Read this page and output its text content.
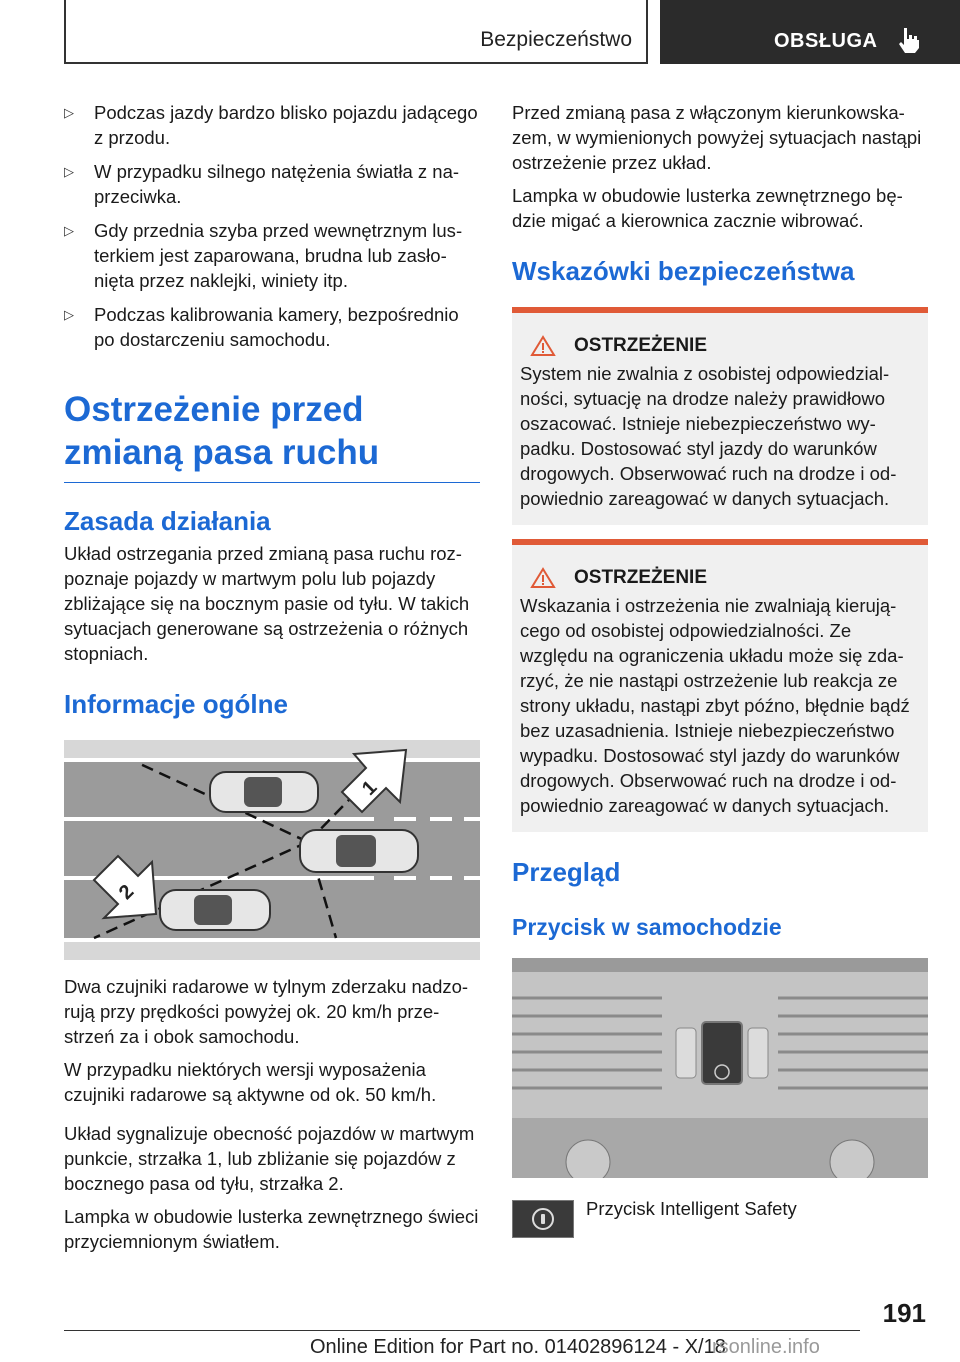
Bezpieczeństwo	OBSŁUGA
▷ Podczas jazdy bardzo blisko pojazdu jadącego z przodu.
▷ W przypadku silnego natężenia światła z naprzeciwka.
▷ Gdy przednia szyba przed wewnętrznym lusterkiem jest zaparowana, brudna lub zasłonięta przez naklejki, winiety itp.
▷ Podczas kalibrowania kamery, bezpośrednio po dostarczeniu samochodu.
Ostrzeżenie przed zmianą pasa ruchu
Zasada działania

Układ ostrzegania przed zmianą pasa ruchu rozpoznaje pojazdy w martwym polu lub pojazdy zbliżające się na bocznym pasie od tyłu. W takich sytuacjach generowane są ostrzeżenia o różnych stopniach.

Informacje ogólne
1
2

Dwa czujniki radarowe w tylnym zderzaku nadzorują przy prędkości powyżej ok. 20 km/h przestrzeń za i obok samochodu.

W przypadku niektórych wersji wyposażenia czujniki radarowe są aktywne od ok. 50 km/h.

Układ sygnalizuje obecność pojazdów w martwym punkcie, strzałka 1, lub zbliżanie się pojazdów z bocznego pasa od tyłu, strzałka 2.

Lampka w obudowie lusterka zewnętrznego świeci przyciemnionym światłem.

Przed zmianą pasa z włączonym kierunkowskazem, w wymienionych powyżej sytuacjach nastąpi ostrzeżenie przez układ.

Lampka w obudowie lusterka zewnętrznego będzie migać a kierownica zacznie wibrować.

Wskazówki bezpieczeństwa
OSTRZEŻENIE

System nie zwalnia z osobistej odpowiedzialności, sytuację na drodze należy prawidłowo oszacować. Istnieje niebezpieczeństwo wypadku. Dostosować styl jazdy do warunków drogowych. Obserwować ruch na drodze i odpowiednio zareagować w danych sytuacjach.

OSTRZEŻENIE

Wskazania i ostrzeżenia nie zwalniają kierującego od osobistej odpowiedzialności. Ze względu na ograniczenia układu może się zdarzyć, że nie nastąpi ostrzeżenie lub reakcja ze strony układu, nastąpi zbyt późno, błędnie bądź bez uzasadnienia. Istnieje niebezpieczeństwo wypadku. Dostosować styl jazdy do warunków drogowych. Obserwować ruch na drodze i odpowiednio zareagować w danych sytuacjach.

Przegląd
Przycisk w samochodzie
Przycisk Intelligent Safety
191
Online Edition for Part no. 01402896124 - X/18
rsonline.info
